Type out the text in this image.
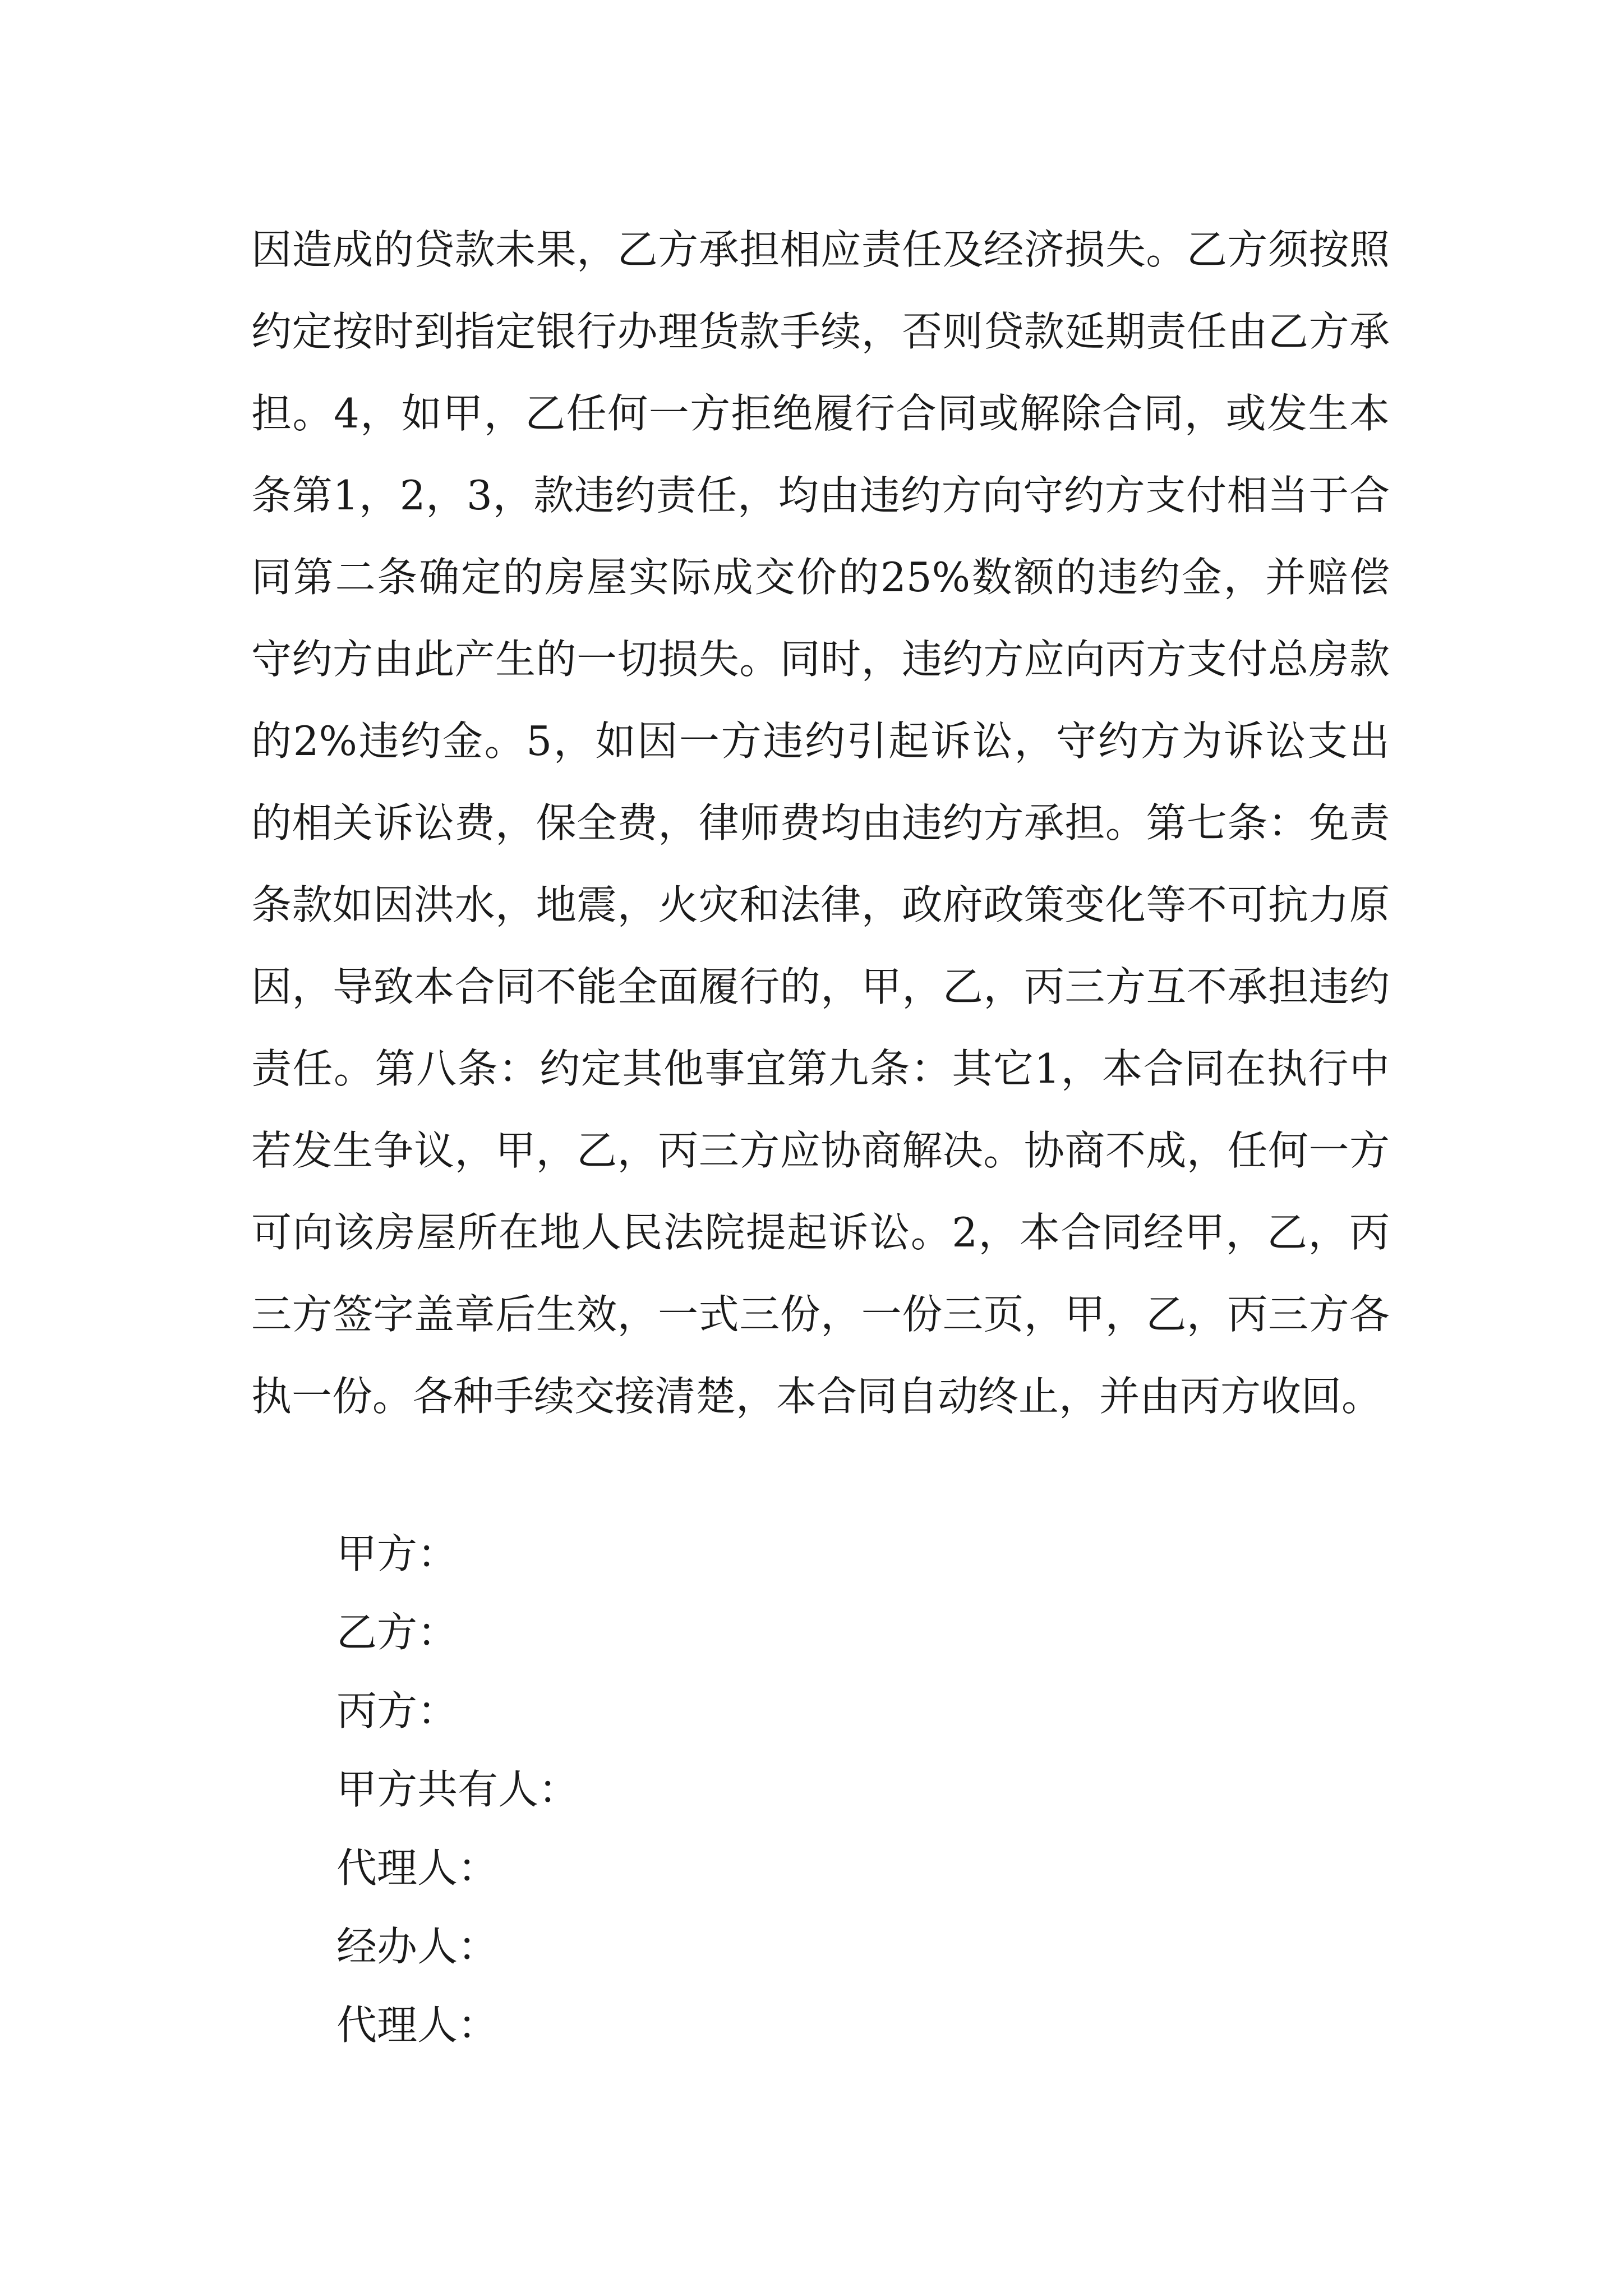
因造成的贷款未果，乙方承担相应责任及经济损失。乙方须按照约定按时到指定银行办理货款手续，否则贷款延期责任由乙方承担。4，如甲，乙任何一方拒绝履行合同或解除合同，或发生本条第1，2，3，款违约责任，均由违约方向守约方支付相当于合同第二条确定的房屋实际成交价的25%数额的违约金，并赔偿守约方由此产生的一切损失。同时，违约方应向丙方支付总房款的2%违约金。5，如因一方违约引起诉讼，守约方为诉讼支出的相关诉讼费，保全费，律师费均由违约方承担。第七条：免责条款如因洪水，地震，火灾和法律，政府政策变化等不可抗力原因，导致本合同不能全面履行的，甲，乙，丙三方互不承担违约责任。第八条：约定其他事宜第九条：其它1，本合同在执行中若发生争议，甲，乙，丙三方应协商解决。协商不成，任何一方可向该房屋所在地人民法院提起诉讼。2，本合同经甲，乙，丙三方签字盖章后生效，一式三份，一份三页，甲，乙，丙三方各执一份。各种手续交接清楚，本合同自动终止，并由丙方收回。

甲方：
乙方：
丙方：
甲方共有人：
代理人：
经办人：
代理人：
